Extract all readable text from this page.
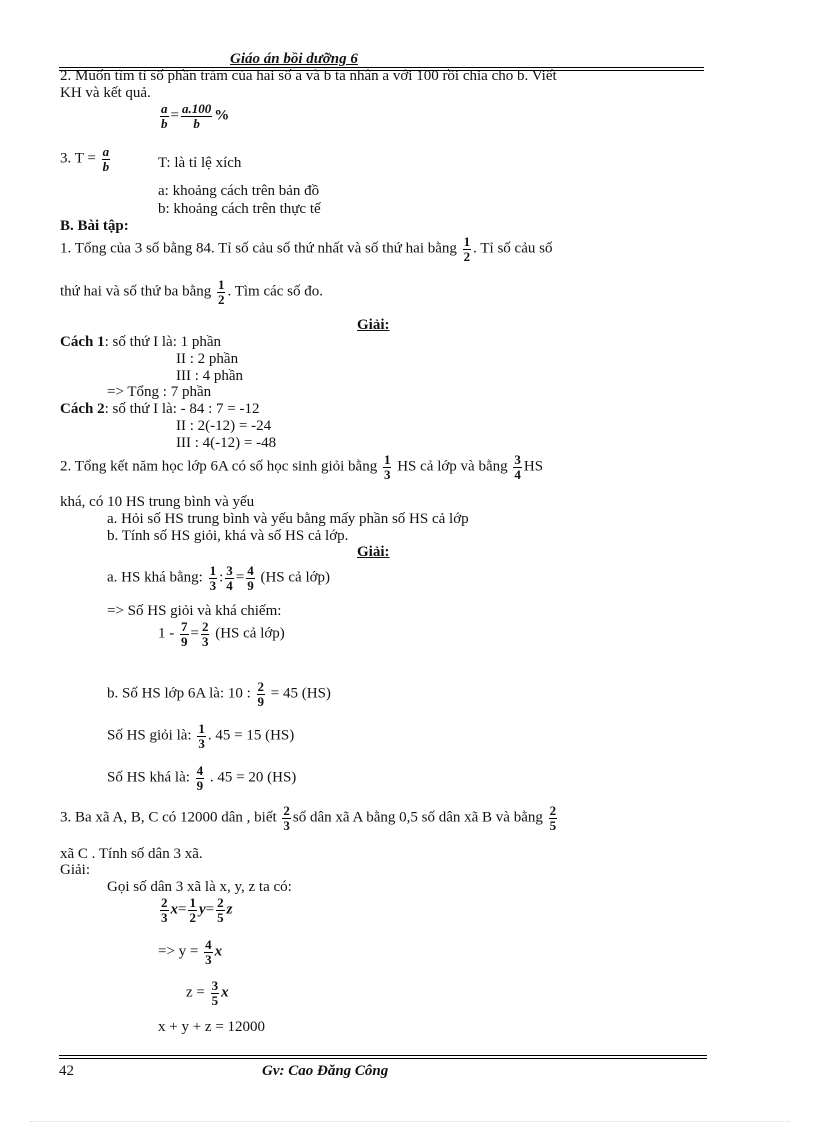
Giáo án bồi dưỡng 6
2. Muốn tìm tỉ số phần trăm của hai số a và b ta nhân a với 100 rồi chia cho b. Viết
KH và kết quả.
$\frac{a}{b} = \frac{a.100}{b}$ %
3. $T = \frac{a}{b}$	T: là tỉ lệ xích
a: khoảng cách trên bản đồ
b: khoảng cách trên thực tế
B. Bài tập:
1. Tổng của 3 số bằng 84. Tỉ số cảu số thứ nhất và số thứ hai bằng $\frac{1}{2}$ . Tỉ số cảu số
thứ hai và số thứ ba bằng $\frac{1}{2}$ . Tìm các số đo.
Giải:
Cách 1: số thứ I là: 1 phần
II : 2 phần
III : 4 phần
=> Tổng : 7 phần
Cách 2: số thứ I là: - 84 : 7 = -12
II : 2(-12) = -24
III : 4(-12) = -48
2. Tổng kết năm học lớp 6A có số học sinh giỏi bằng $\frac{1}{3}$ HS cả lớp và bằng $\frac{3}{4}$ HS
khá, có 10 HS trung bình và yếu
a. Hỏi số HS trung bình và yếu bằng mấy phần số HS cả lớp
b. Tính số HS giỏi, khá và số HS cả lớp.
Giải:
a. HS khá bằng: $\frac{1}{3}$ : $\frac{3}{4} = \frac{4}{9} (HS$ cả lớp)
=> Số HS giỏi và khá chiếm:
$1 - \frac{7}{9} = \frac{2}{3} (HS$ cả lớp)
b. Số HS lớp 6A là: 10 : $\frac{2}{9} = 45$ (HS)
Số HS giỏi là: $\frac{1}{3}$ . 45 = 15 (HS)
Số HS khá là: $\frac{4}{9}$ . 45 = 20 (HS)
3. Ba xã A, B, C có 12000 dân , biết $\frac{2}{3}$ số dân xã A bằng 0,5 số dân xã B và bằng $\frac{2}{5}$
xã C . Tính số dân 3 xã.
Giải:
Gọi số dân 3 xã là x, y, z ta có:
$\frac{2}{3} x= \frac{1}{2} y= \frac{2}{5}$ z
=> $y = \frac{4}{3}$ x
$z = \frac{3}{5}$ x
x + y + z = 12000
42	Gv: Cao Đăng Công
